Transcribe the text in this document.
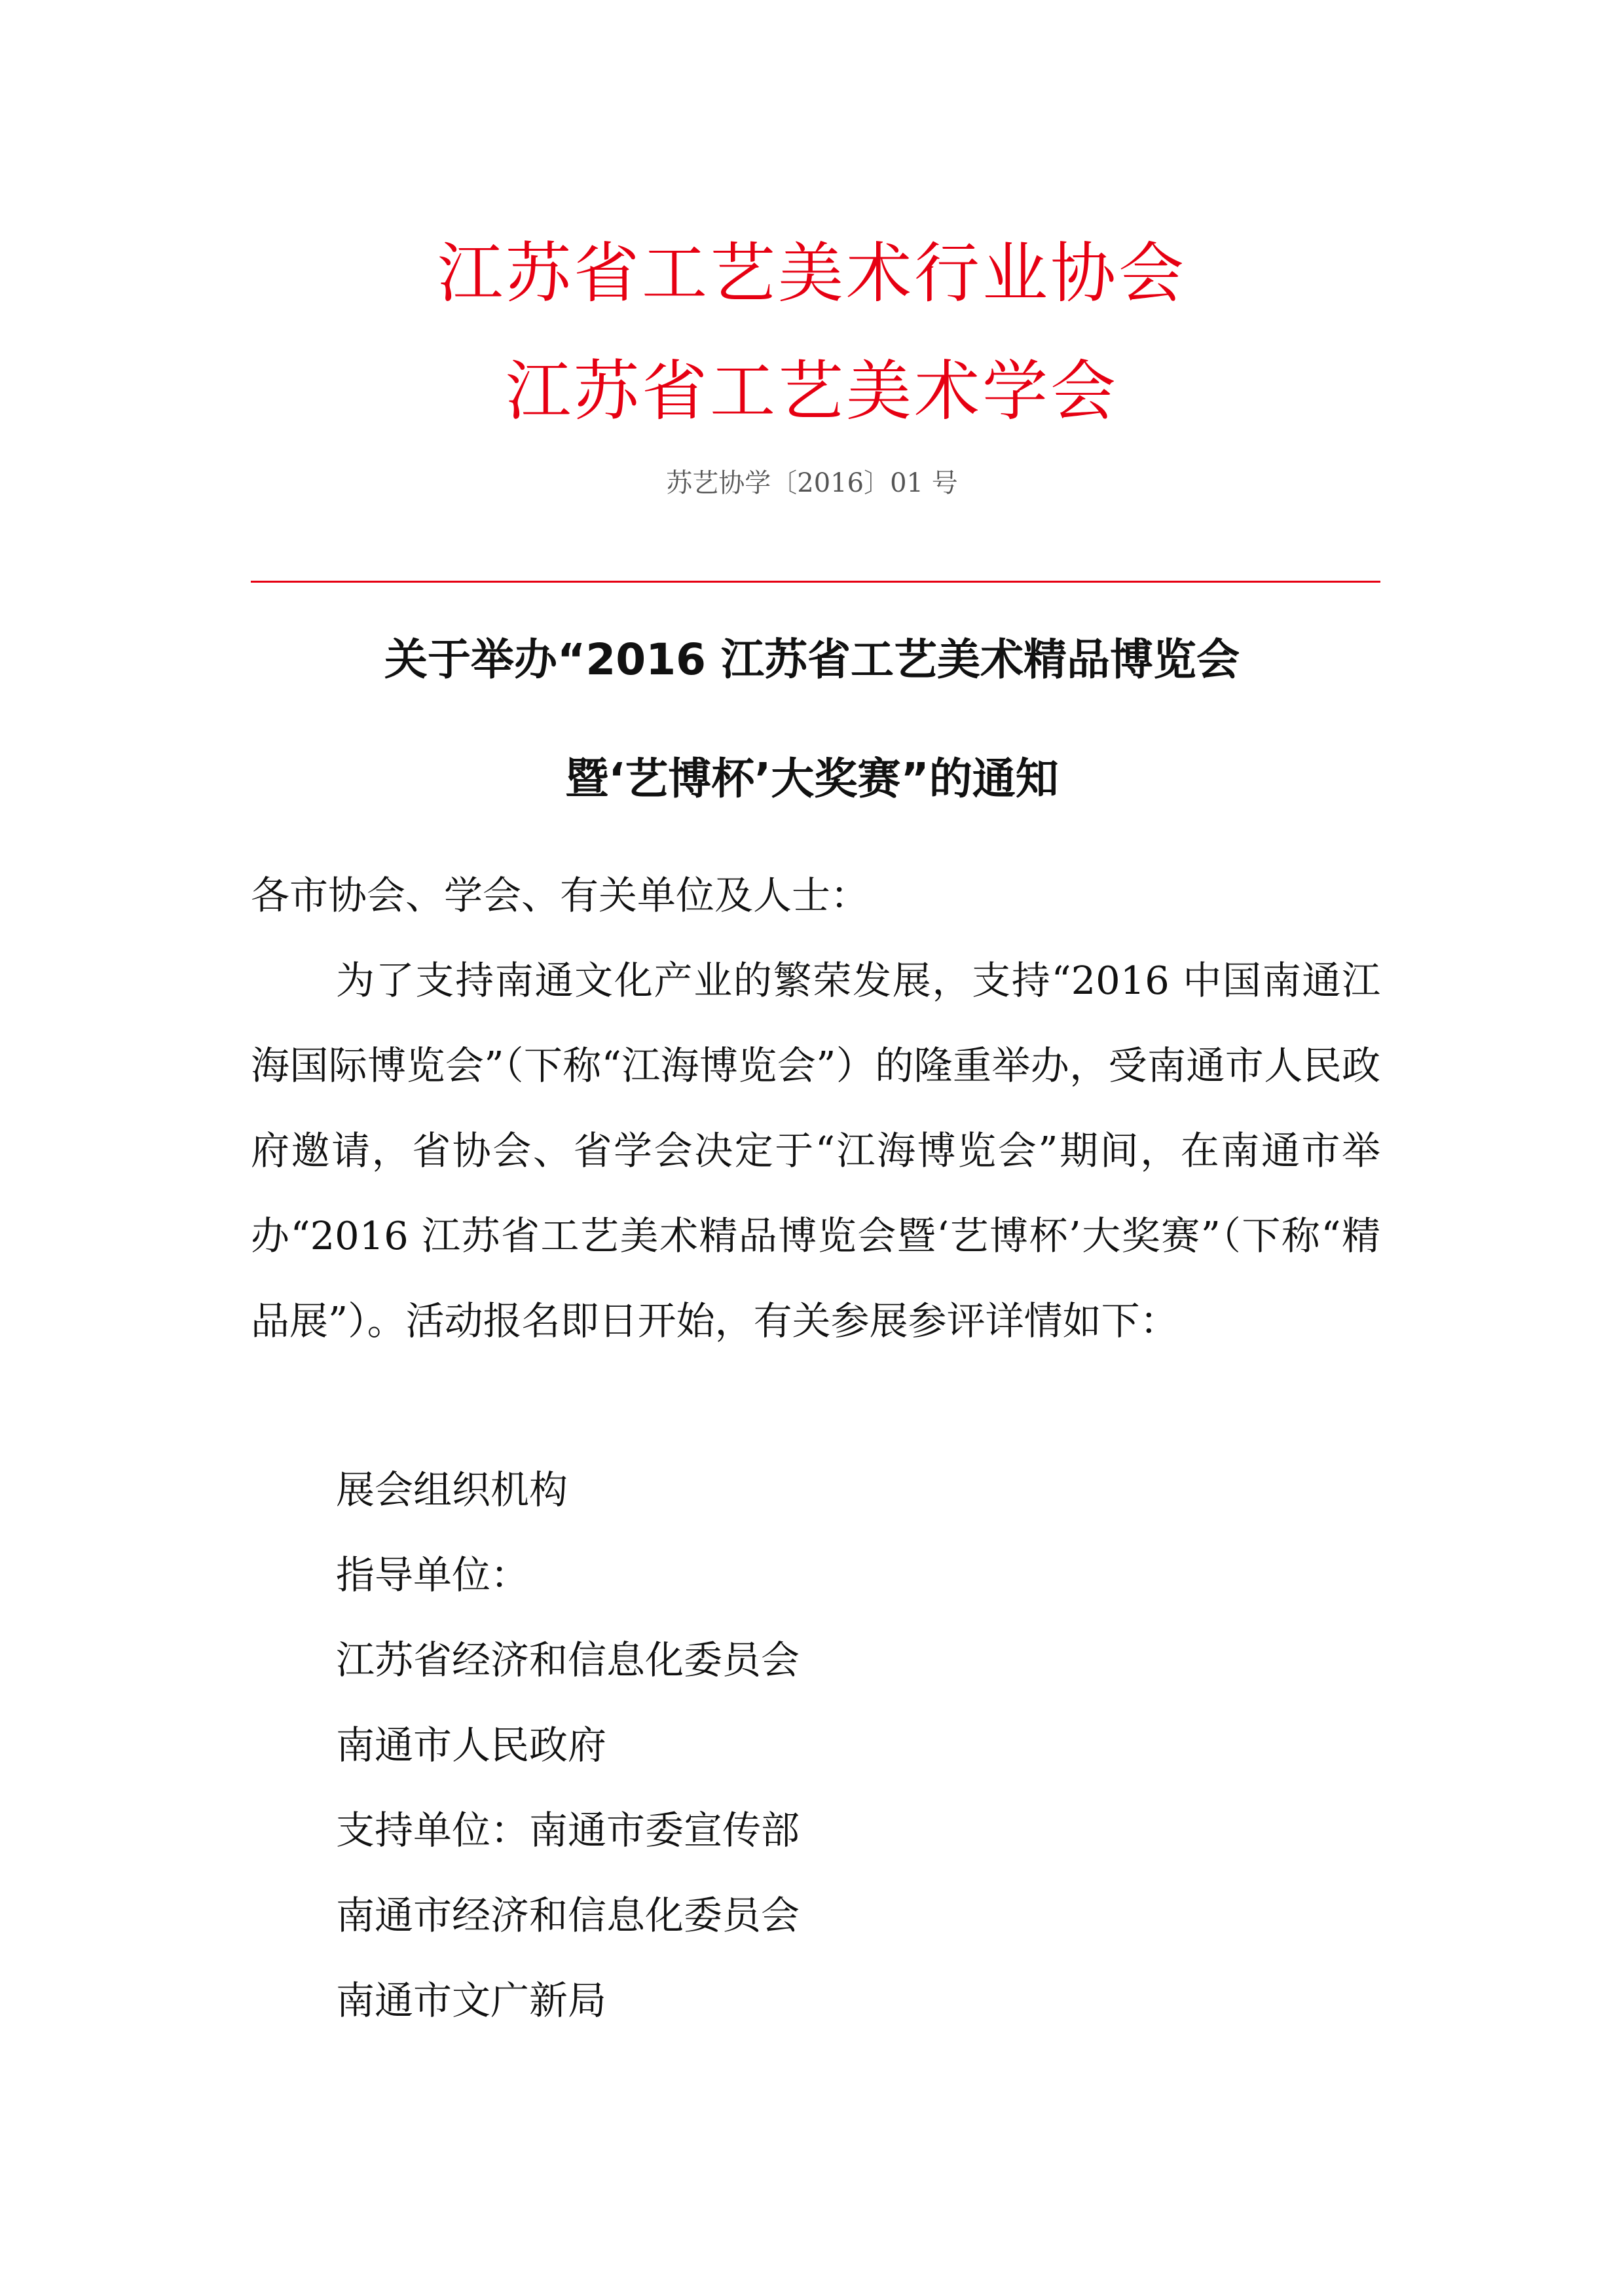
江苏省工艺美术行业协会
江苏省工艺美术学会
苏艺协学〔2016〕01 号
关于举办“2016 江苏省工艺美术精品博览会
暨‘艺博杯’大奖赛”的通知
各市协会、学会、有关单位及人士：
为了支持南通文化产业的繁荣发展，支持“2016 中国南通江海国际博览会”（下称“江海博览会”）的隆重举办，受南通市人民政府邀请，省协会、省学会决定于“江海博览会”期间，在南通市举办“2016 江苏省工艺美术精品博览会暨‘艺博杯’大奖赛”（下称“精品展”）。活动报名即日开始，有关参展参评详情如下：
展会组织机构
指导单位：
江苏省经济和信息化委员会
南通市人民政府
支持单位：南通市委宣传部
南通市经济和信息化委员会
南通市文广新局
